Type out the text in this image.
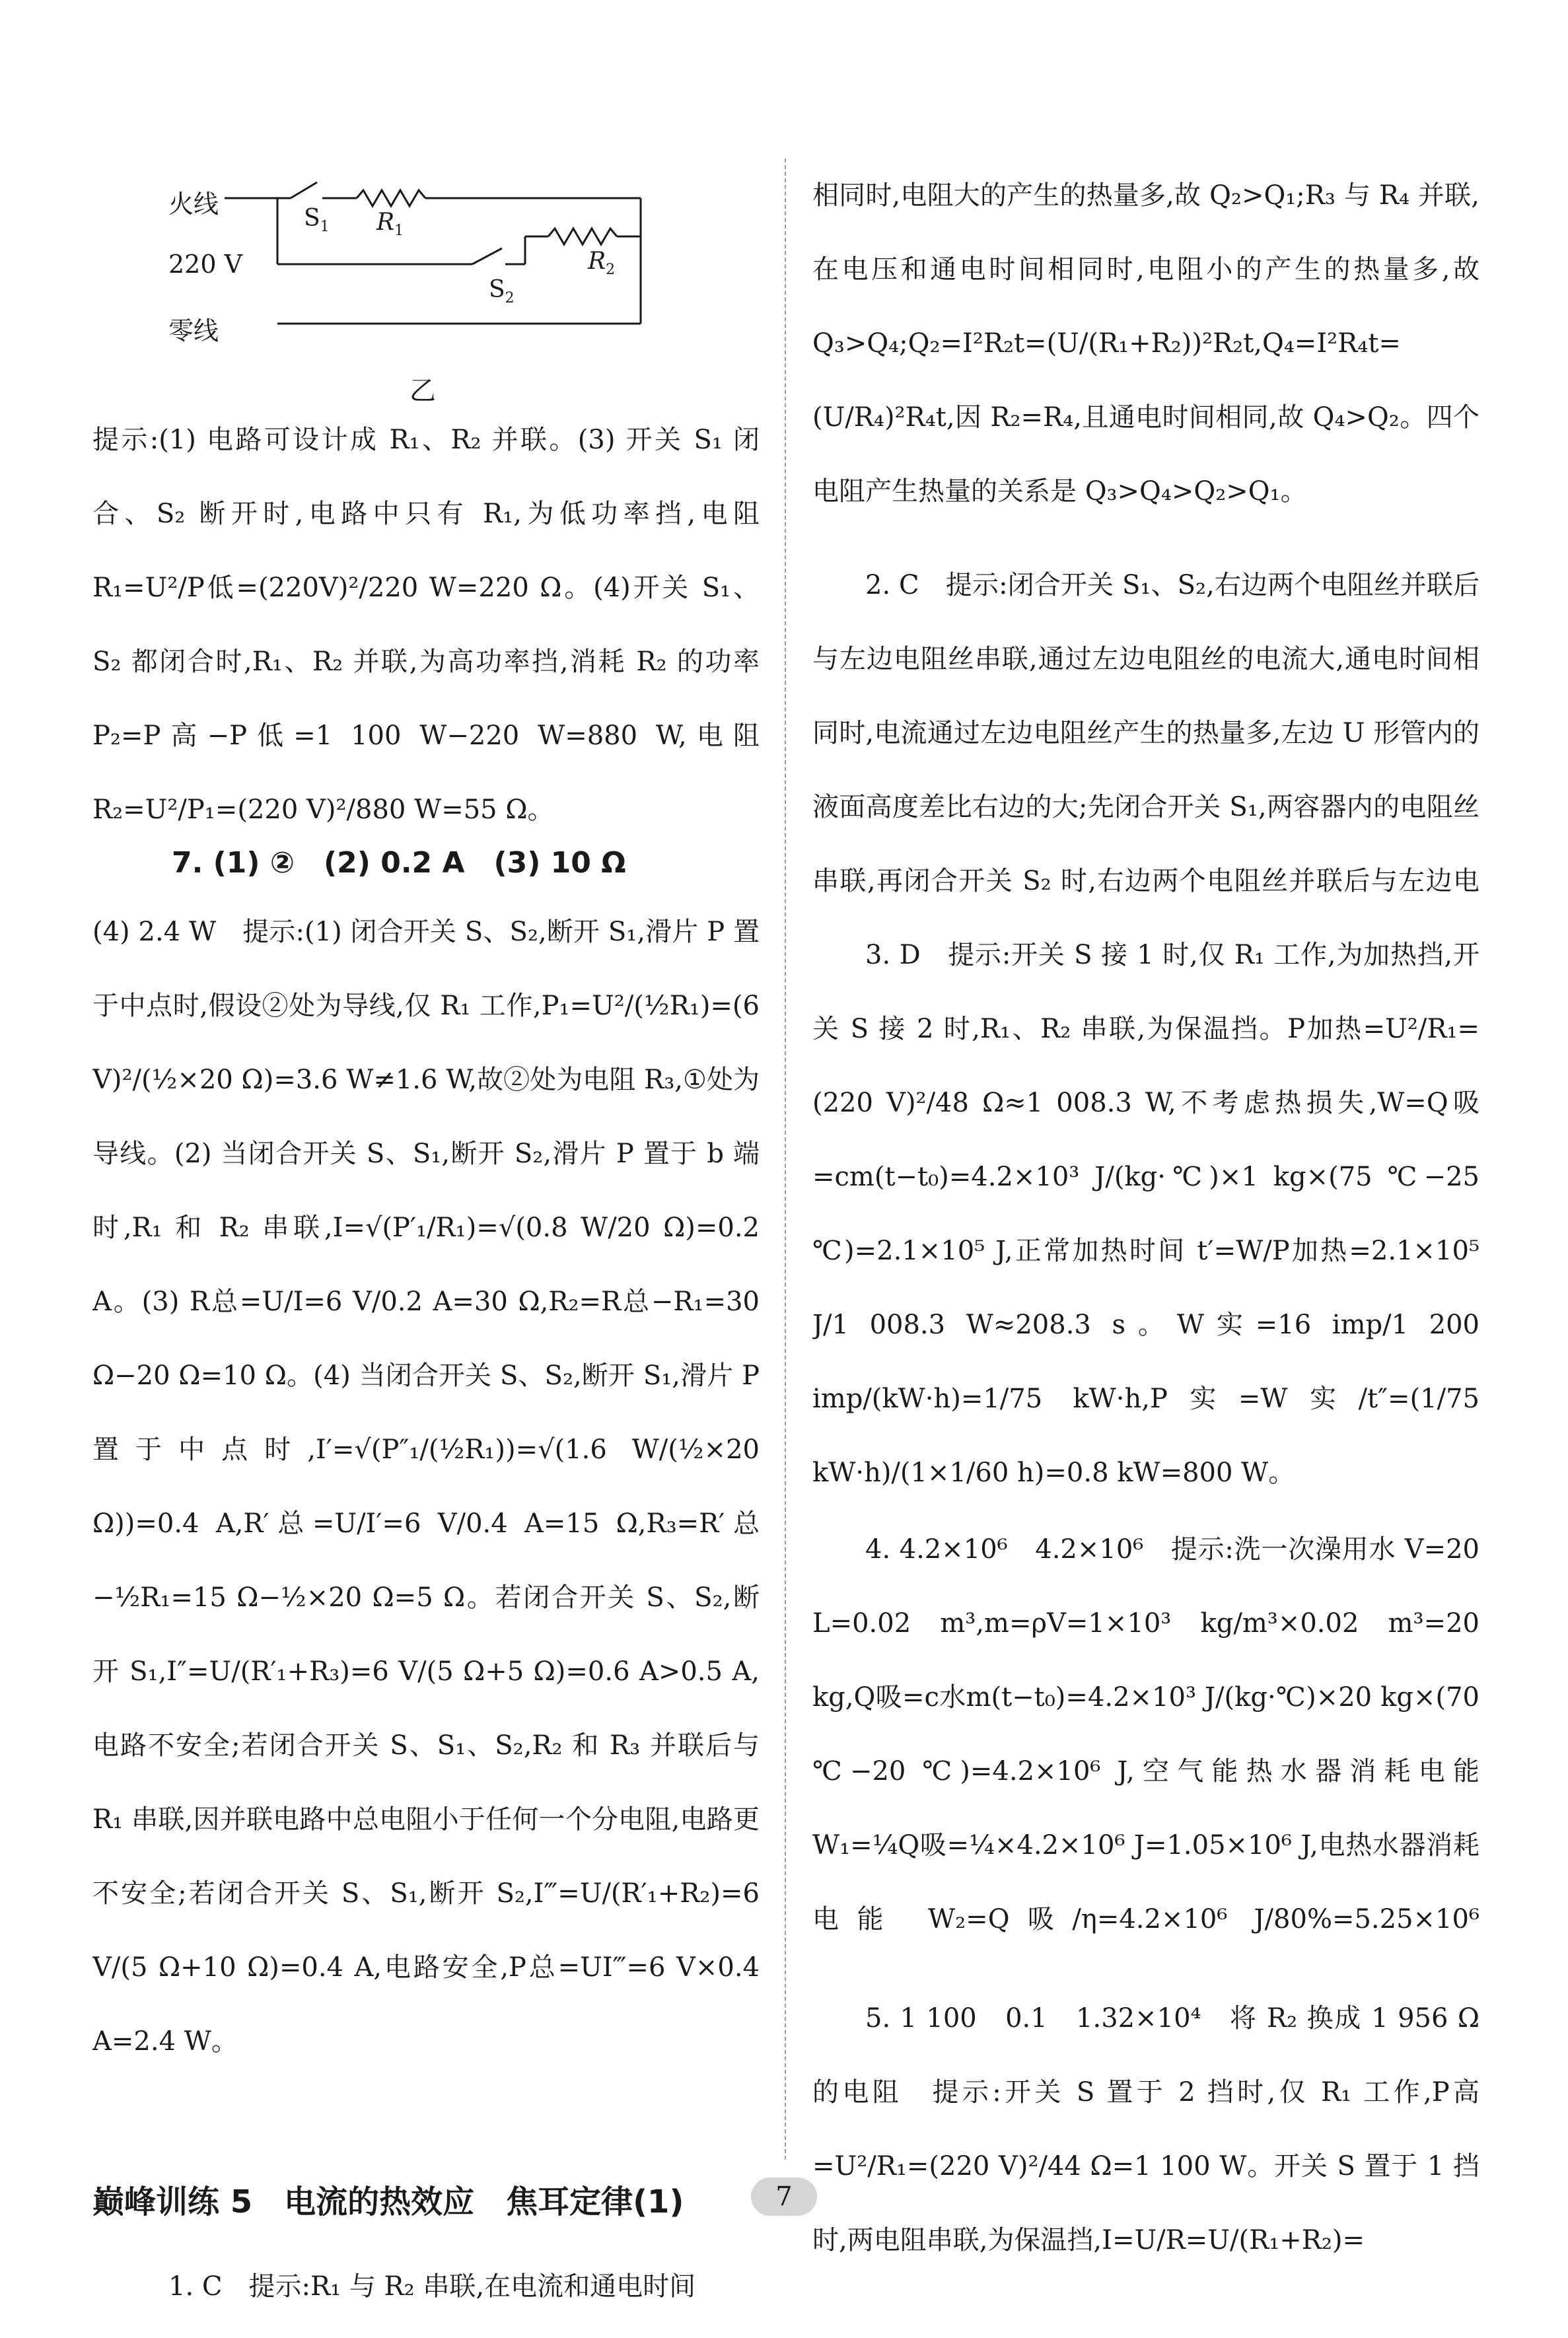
火线
220 V
零线
$S_1$ $R_1$
$S_2$
$R_2$
乙
提示:(1) 电路可设计成 R₁、R₂ 并联。(3) 开关 S₁ 闭合、S₂ 断开时,电路中只有 R₁,为低功率挡,电阻 R₁=U²/P低=(220V)²/220 W=220 Ω。(4)开关 S₁、S₂ 都闭合时,R₁、R₂ 并联,为高功率挡,消耗 R₂ 的功率 P₂=P高−P低=1 100 W−220 W=880 W,电阻 R₂=U²/P₁=(220 V)²/880 W=55 Ω。
7. (1) ②　(2) 0.2 A　(3) 10 Ω
(4) 2.4 W　提示:(1) 闭合开关 S、S₂,断开 S₁,滑片 P 置于中点时,假设②处为导线,仅 R₁ 工作,P₁=U²/(½R₁)=(6 V)²/(½×20 Ω)=3.6 W≠1.6 W,故②处为电阻 R₃,①处为导线。(2) 当闭合开关 S、S₁,断开 S₂,滑片 P 置于 b 端时,R₁ 和 R₂ 串联,I=√(P′₁/R₁)=√(0.8 W/20 Ω)=0.2 A。(3) R总=U/I=6 V/0.2 A=30 Ω,R₂=R总−R₁=30 Ω−20 Ω=10 Ω。(4) 当闭合开关 S、S₂,断开 S₁,滑片 P 置于中点时,I′=√(P″₁/(½R₁))=√(1.6 W/(½×20 Ω))=0.4 A,R′总=U/I′=6 V/0.4 A=15 Ω,R₃=R′总−½R₁=15 Ω−½×20 Ω=5 Ω。若闭合开关 S、S₂,断开 S₁,I″=U/(R′₁+R₃)=6 V/(5 Ω+5 Ω)=0.6 A>0.5 A,电路不安全;若闭合开关 S、S₁、S₂,R₂ 和 R₃ 并联后与 R₁ 串联,因并联电路中总电阻小于任何一个分电阻,电路更不安全;若闭合开关 S、S₁,断开 S₂,I‴=U/(R′₁+R₂)=6 V/(5 Ω+10 Ω)=0.4 A,电路安全,P总=UI‴=6 V×0.4 A=2.4 W。
巅峰训练 5　电流的热效应　焦耳定律(1)
1. C　提示:R₁ 与 R₂ 串联,在电流和通电时间
相同时,电阻大的产生的热量多,故 Q₂>Q₁;R₃ 与 R₄ 并联,在电压和通电时间相同时,电阻小的产生的热量多,故 Q₃>Q₄;Q₂=I²R₂t=(U/(R₁+R₂))²R₂t,Q₄=I²R₄t=(U/R₄)²R₄t,因 R₂=R₄,且通电时间相同,故 Q₄>Q₂。四个电阻产生热量的关系是 Q₃>Q₄>Q₂>Q₁。
2. C　提示:闭合开关 S₁、S₂,右边两个电阻丝并联后与左边电阻丝串联,通过左边电阻丝的电流大,通电时间相同时,电流通过左边电阻丝产生的热量多,左边 U 形管内的液面高度差比右边的大;先闭合开关 S₁,两容器内的电阻丝串联,再闭合开关 S₂ 时,右边两个电阻丝并联后与左边电
3. D　提示:开关 S 接 1 时,仅 R₁ 工作,为加热挡,开关 S 接 2 时,R₁、R₂ 串联,为保温挡。P加热=U²/R₁=(220 V)²/48 Ω≈1 008.3 W,不考虑热损失,W=Q吸=cm(t−t₀)=4.2×10³ J/(kg·℃)×1 kg×(75 ℃−25 ℃)=2.1×10⁵ J,正常加热时间 t′=W/P加热=2.1×10⁵ J/1 008.3 W≈208.3 s。W实=16 imp/1 200 imp/(kW·h)=1/75 kW·h,P实=W实/t″=(1/75 kW·h)/(1×1/60 h)=0.8 kW=800 W。
4. 4.2×10⁶　4.2×10⁶　提示:洗一次澡用水 V=20 L=0.02 m³,m=ρV=1×10³ kg/m³×0.02 m³=20 kg,Q吸=c水m(t−t₀)=4.2×10³ J/(kg·℃)×20 kg×(70 ℃−20 ℃)=4.2×10⁶ J,空气能热水器消耗电能 W₁=¼Q吸=¼×4.2×10⁶ J=1.05×10⁶ J,电热水器消耗电能 W₂=Q吸/η=4.2×10⁶ J/80%=5.25×10⁶
5. 1 100　0.1　1.32×10⁴　将 R₂ 换成 1 956 Ω 的电阻　提示:开关 S 置于 2 挡时,仅 R₁ 工作,P高=U²/R₁=(220 V)²/44 Ω=1 100 W。开关 S 置于 1 挡时,两电阻串联,为保温挡,I=U/R=U/(R₁+R₂)=
7
